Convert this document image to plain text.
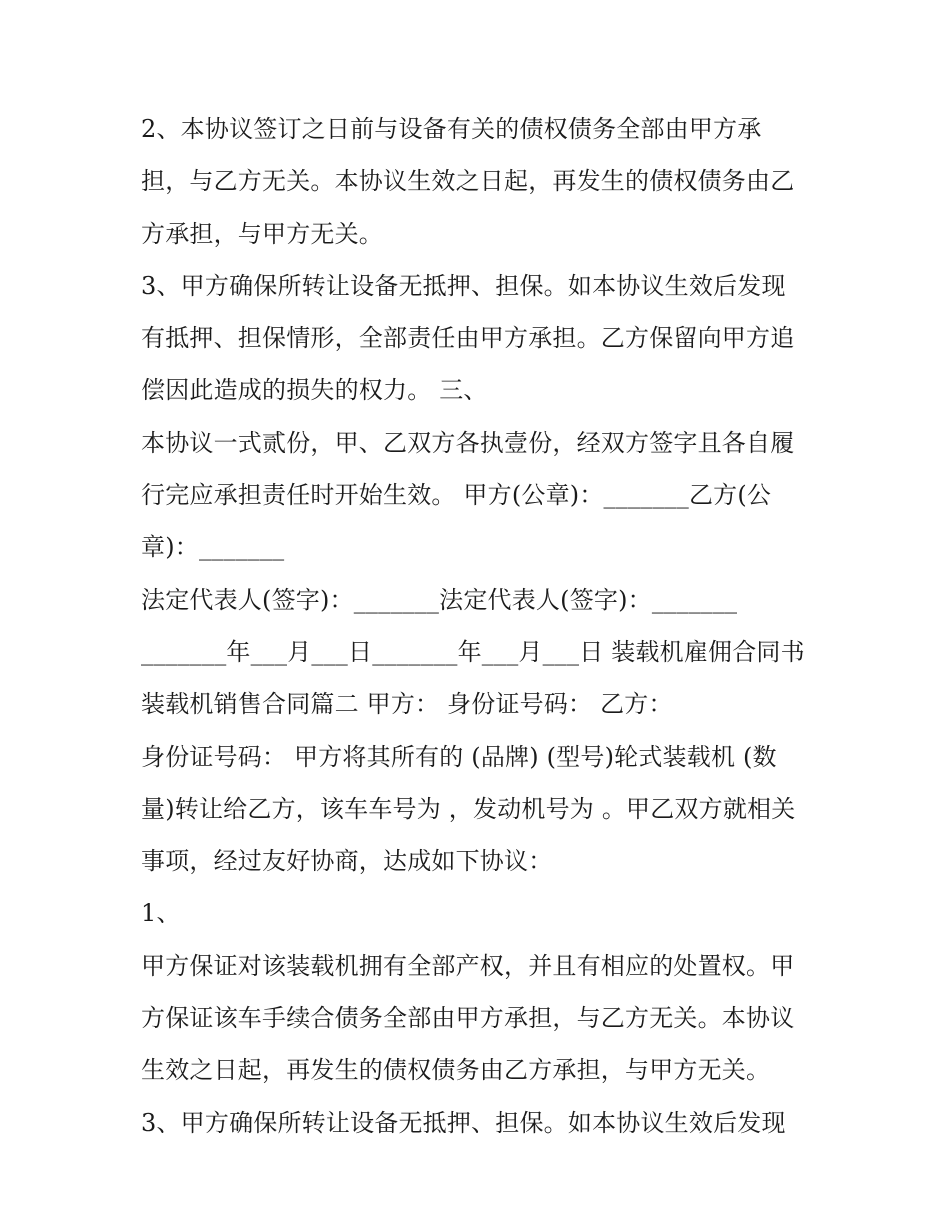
2、本协议签订之日前与设备有关的债权债务全部由甲方承
担，与乙方无关。本协议生效之日起，再发生的债权债务由乙
方承担，与甲方无关。
3、甲方确保所转让设备无抵押、担保。如本协议生效后发现
有抵押、担保情形，全部责任由甲方承担。乙方保留向甲方追
偿因此造成的损失的权力。 三、
本协议一式贰份，甲、乙双方各执壹份，经双方签字且各自履
行完应承担责任时开始生效。 甲方(公章)：_______乙方(公
章)：_______
法定代表人(签字)：_______法定代表人(签字)：_______
_______年___月___日_______年___月___日 装载机雇佣合同书
装载机销售合同篇二 甲方： 身份证号码： 乙方：
身份证号码： 甲方将其所有的 (品牌) (型号)轮式装载机 (数
量)转让给乙方，该车车号为 ，发动机号为 。甲乙双方就相关
事项，经过友好协商，达成如下协议：
1、
甲方保证对该装载机拥有全部产权，并且有相应的处置权。甲
方保证该车手续合债务全部由甲方承担，与乙方无关。本协议
生效之日起，再发生的债权债务由乙方承担，与甲方无关。
3、甲方确保所转让设备无抵押、担保。如本协议生效后发现
